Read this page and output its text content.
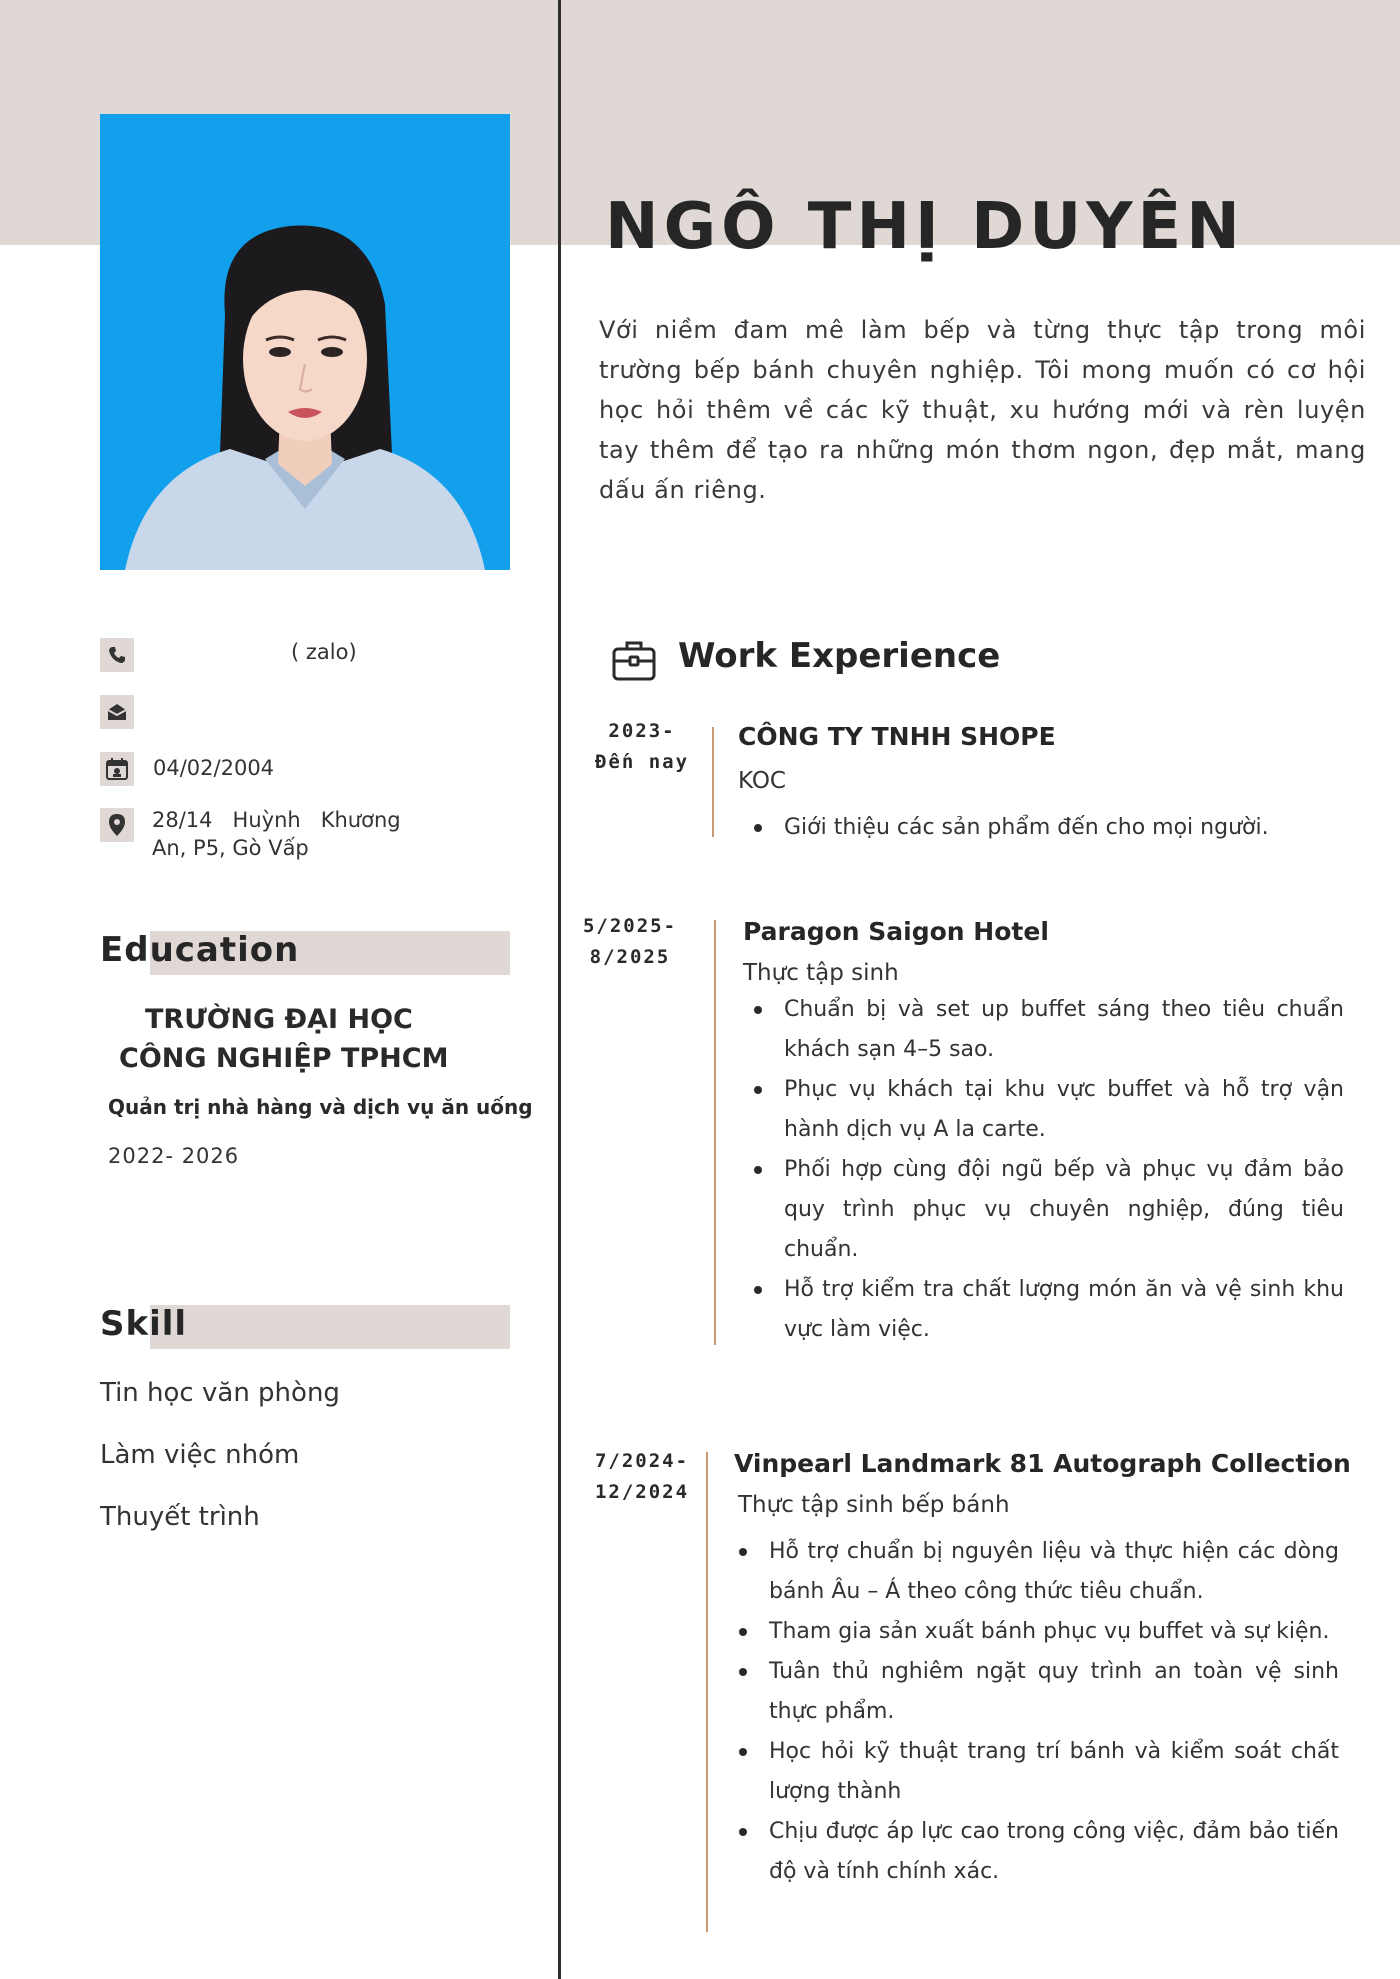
NGÔ THỊ DUYÊN
Với niềm đam mê làm bếp và từng thực tập trong môi trường bếp bánh chuyên nghiệp. Tôi mong muốn có cơ hội học hỏi thêm về các kỹ thuật, xu hướng mới và rèn luyện tay thêm để tạo ra những món thơm ngon, đẹp mắt, mang dấu ấn riêng.
( zalo)
04/02/2004
28/14   Huỳnh   Khương
An, P5, Gò Vấp
Education
TRƯỜNG ĐẠI HỌC
CÔNG NGHIỆP TPHCM
Quản trị nhà hàng và dịch vụ ăn uống
2022- 2026
Skill
Tin học văn phòng
Làm việc nhóm
Thuyết trình
Work Experience
2023-
Đến nay
CÔNG TY TNHH SHOPE
KOC
Giới thiệu các sản phẩm đến cho mọi người.
5/2025-
8/2025
Paragon Saigon Hotel
Thực tập sinh
Chuẩn bị và set up buffet sáng theo tiêu chuẩn khách sạn 4–5 sao.
Phục vụ khách tại khu vực buffet và hỗ trợ vận hành dịch vụ A la carte.
Phối hợp cùng đội ngũ bếp và phục vụ đảm bảo quy trình phục vụ chuyên nghiệp, đúng tiêu chuẩn.
Hỗ trợ kiểm tra chất lượng món ăn và vệ sinh khu vực làm việc.
7/2024-
12/2024
Vinpearl Landmark 81 Autograph Collection
Thực tập sinh bếp bánh
Hỗ trợ chuẩn bị nguyên liệu và thực hiện các dòng bánh Âu – Á theo công thức tiêu chuẩn.
Tham gia sản xuất bánh phục vụ buffet và sự kiện.
Tuân thủ nghiêm ngặt quy trình an toàn vệ sinh thực phẩm.
Học hỏi kỹ thuật trang trí bánh và kiểm soát chất lượng thành
Chịu được áp lực cao trong công việc, đảm bảo tiến độ và tính chính xác.
